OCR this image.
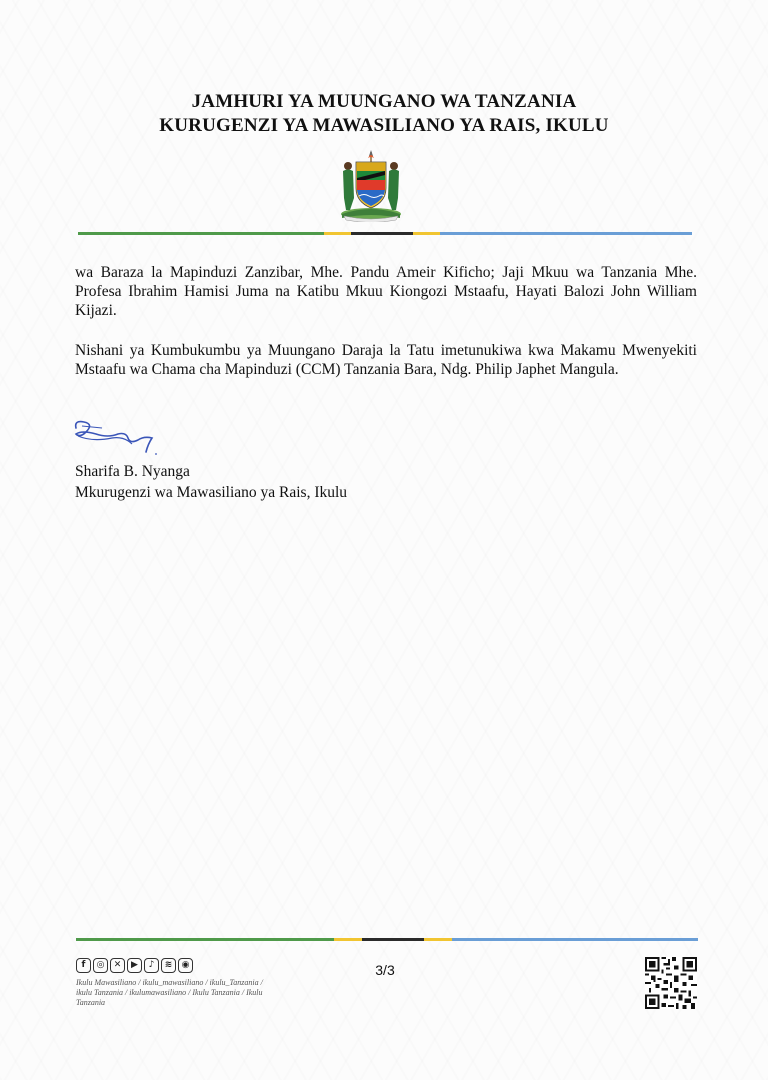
JAMHURI YA MUUNGANO WA TANZANIA
KURUGENZI YA MAWASILIANO YA RAIS, IKULU

wa Baraza la Mapinduzi Zanzibar, Mhe. Pandu Ameir Kificho; Jaji Mkuu wa Tanzania Mhe. Profesa Ibrahim Hamisi Juma na Katibu Mkuu Kiongozi Mstaafu, Hayati Balozi John William Kijazi.

Nishani ya Kumbukumbu ya Muungano Daraja la Tatu imetunukiwa kwa Makamu Mwenyekiti Mstaafu wa Chama cha Mapinduzi (CCM) Tanzania Bara, Ndg. Philip Japhet Mangula.

Sharifa B. Nyanga
Mkurugenzi wa Mawasiliano ya Rais, Ikulu
f	◎	✕	▶	♪	≋	◉
Ikulu Mawasiliano / ikulu_mawasiliano / ikulu_Tanzania / ikulu Tanzania / ikulumawasiliano / Ikulu Tanzania / Ikulu Tanzania
3/3
